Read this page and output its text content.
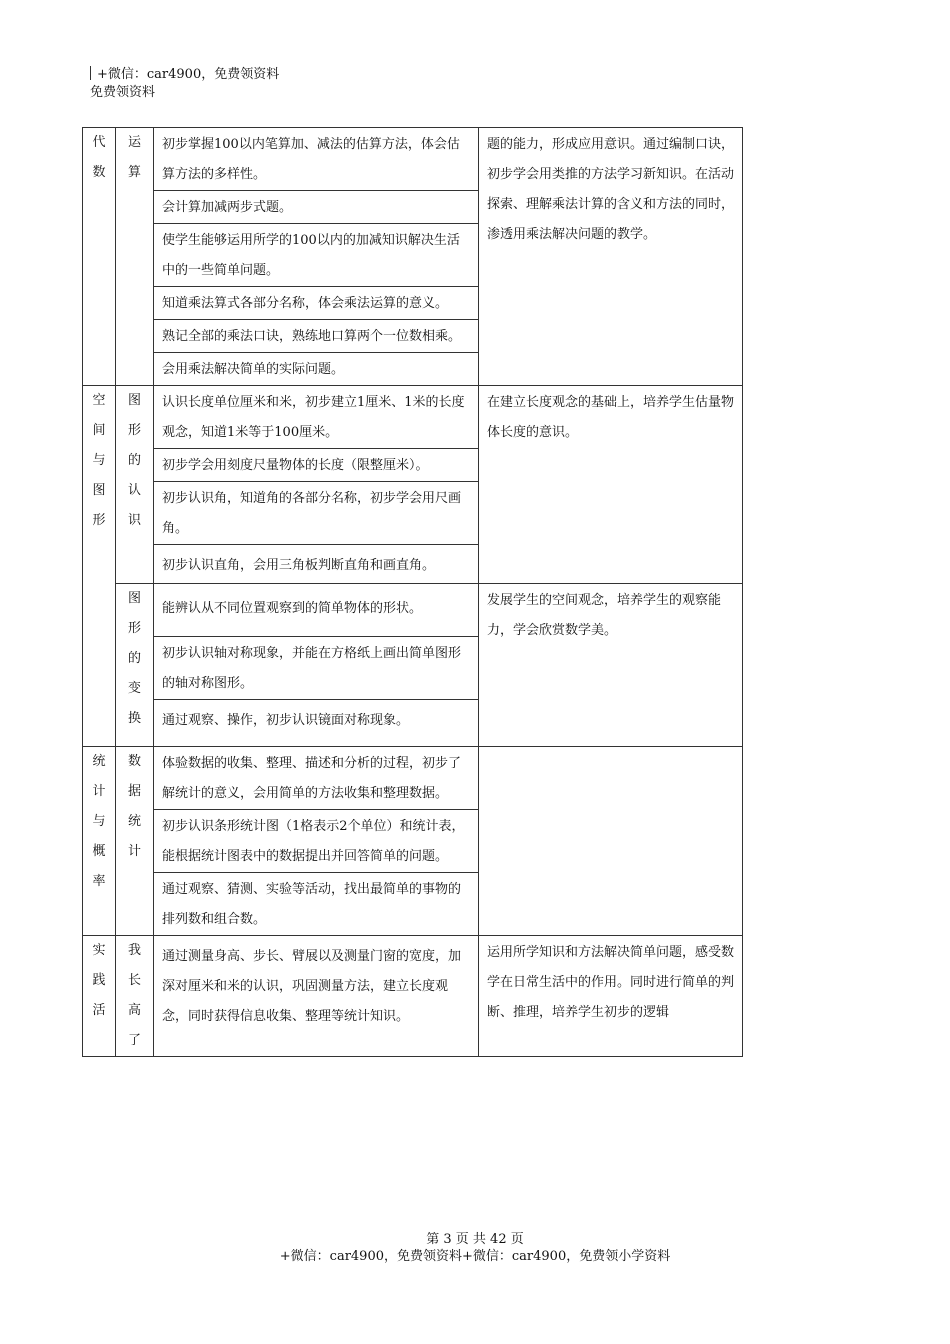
+微信：car4900，免费领资料
免费领资料
代数	运算	初步掌握100以内笔算加、减法的估算方法，体会估算方法的多样性。	题的能力，形成应用意识。通过编制口诀，初步学会用类推的方法学习新知识。在活动探索、理解乘法计算的含义和方法的同时，渗透用乘法解决问题的教学。
		会计算加减两步式题。	
		使学生能够运用所学的100以内的加减知识解决生活中的一些简单问题。	
		知道乘法算式各部分名称，体会乘法运算的意义。	
		熟记全部的乘法口诀，熟练地口算两个一位数相乘。	
		会用乘法解决简单的实际问题。	

空间与图形	图形的认识	认识长度单位厘米和米，初步建立1厘米、1米的长度观念，知道1米等于100厘米。	在建立长度观念的基础上，培养学生估量物体长度的意识。
		初步学会用刻度尺量物体的长度（限整厘米）。	
		初步认识角，知道角的各部分名称，初步学会用尺画角。	
		初步认识直角，会用三角板判断直角和画直角。	

	图形的变换	能辨认从不同位置观察到的简单物体的形状。	发展学生的空间观念，培养学生的观察能力，学会欣赏数学美。
		初步认识轴对称现象，并能在方格纸上画出简单图形的轴对称图形。	
		通过观察、操作，初步认识镜面对称现象。	

统计与概率	数据统计	体验数据的收集、整理、描述和分析的过程，初步了解统计的意义，会用简单的方法收集和整理数据。	
		初步认识条形统计图（1格表示2个单位）和统计表，能根据统计图表中的数据提出并回答简单的问题。	
		通过观察、猜测、实验等活动，找出最简单的事物的排列数和组合数。	

实践活	我长高了	通过测量身高、步长、臂展以及测量门窗的宽度，加深对厘米和米的认识，巩固测量方法，建立长度观念，同时获得信息收集、整理等统计知识。	运用所学知识和方法解决简单问题，感受数学在日常生活中的作用。同时进行简单的判断、推理，培养学生初步的逻辑
第 3 页 共 42 页
+微信：car4900，免费领资料+微信：car4900，免费领小学资料
